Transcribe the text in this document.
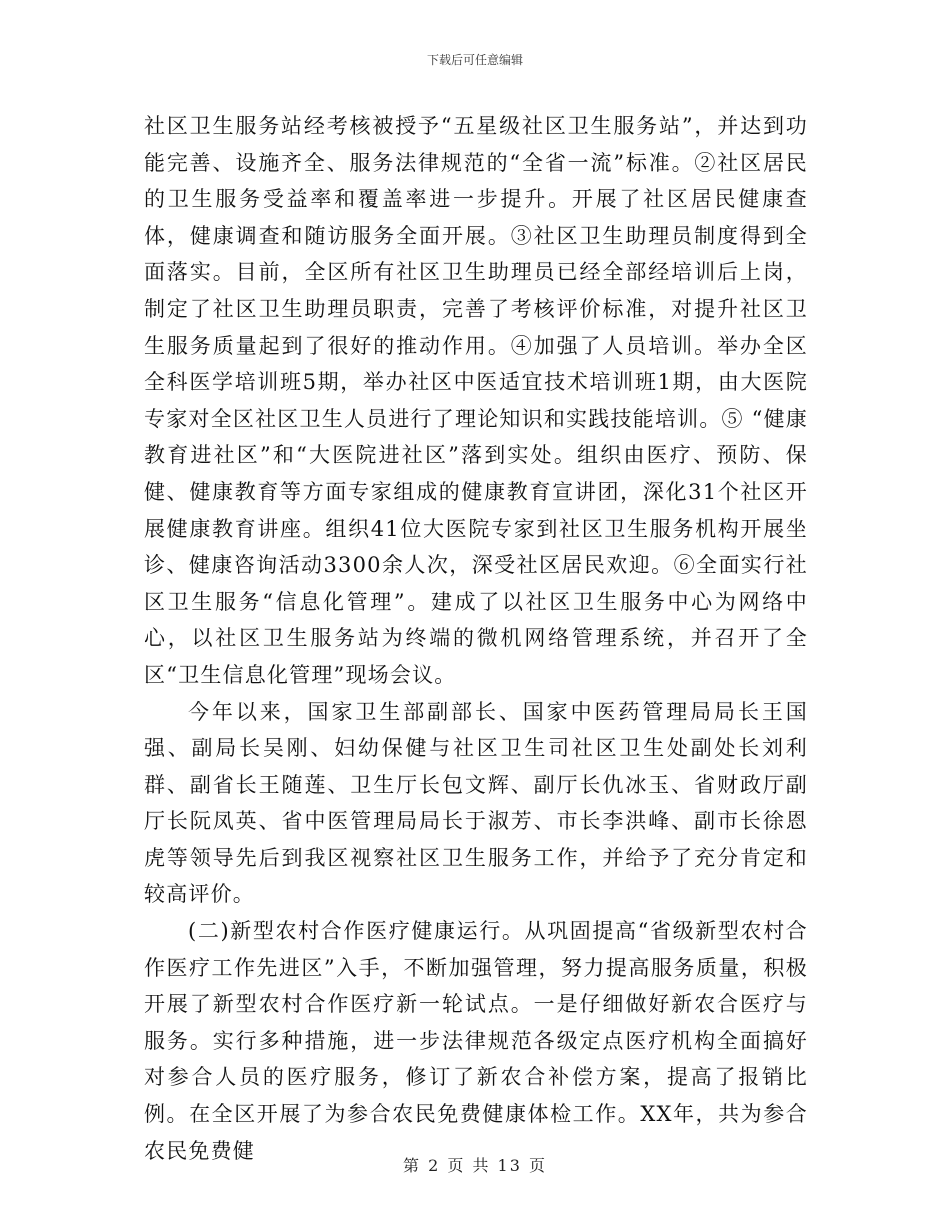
下载后可任意编辑

社区卫生服务站经考核被授予“五星级社区卫生服务站”，并达到功能完善、设施齐全、服务法律规范的“全省一流”标准。②社区居民的卫生服务受益率和覆盖率进一步提升。开展了社区居民健康查体，健康调查和随访服务全面开展。③社区卫生助理员制度得到全面落实。目前，全区所有社区卫生助理员已经全部经培训后上岗，制定了社区卫生助理员职责，完善了考核评价标准，对提升社区卫生服务质量起到了很好的推动作用。④加强了人员培训。举办全区全科医学培训班5期，举办社区中医适宜技术培训班1期，由大医院专家对全区社区卫生人员进行了理论知识和实践技能培训。⑤ “健康教育进社区”和“大医院进社区”落到实处。组织由医疗、预防、保健、健康教育等方面专家组成的健康教育宣讲团，深化31个社区开展健康教育讲座。组织41位大医院专家到社区卫生服务机构开展坐诊、健康咨询活动3300余人次，深受社区居民欢迎。⑥全面实行社区卫生服务“信息化管理”。建成了以社区卫生服务中心为网络中心，以社区卫生服务站为终端的微机网络管理系统，并召开了全区“卫生信息化管理”现场会议。

今年以来，国家卫生部副部长、国家中医药管理局局长王国强、副局长吴刚、妇幼保健与社区卫生司社区卫生处副处长刘利群、副省长王随莲、卫生厅长包文辉、副厅长仇冰玉、省财政厅副厅长阮凤英、省中医管理局局长于淑芳、市长李洪峰、副市长徐恩虎等领导先后到我区视察社区卫生服务工作，并给予了充分肯定和较高评价。

(二)新型农村合作医疗健康运行。从巩固提高“省级新型农村合作医疗工作先进区”入手，不断加强管理，努力提高服务质量，积极开展了新型农村合作医疗新一轮试点。一是仔细做好新农合医疗与服务。实行多种措施，进一步法律规范各级定点医疗机构全面搞好对参合人员的医疗服务，修订了新农合补偿方案，提高了报销比例。在全区开展了为参合农民免费健康体检工作。XX年，共为参合农民免费健

第 2 页 共 13 页
